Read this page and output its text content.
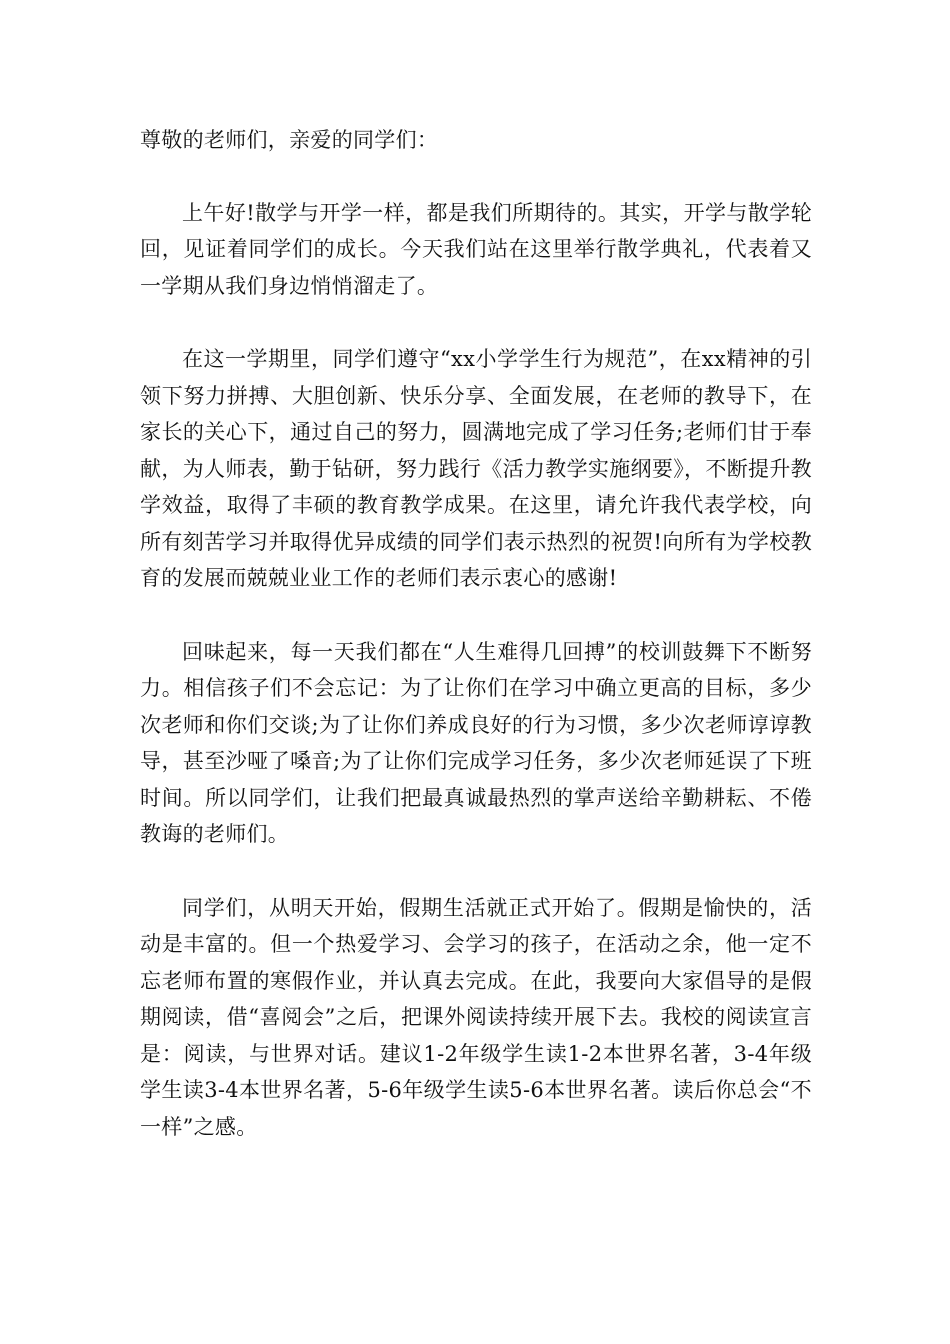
尊敬的老师们，亲爱的同学们：

上午好!散学与开学一样，都是我们所期待的。其实，开学与散学轮回，见证着同学们的成长。今天我们站在这里举行散学典礼，代表着又一学期从我们身边悄悄溜走了。

在这一学期里，同学们遵守“xx小学学生行为规范”，在xx精神的引领下努力拼搏、大胆创新、快乐分享、全面发展，在老师的教导下，在家长的关心下，通过自己的努力，圆满地完成了学习任务;老师们甘于奉献，为人师表，勤于钻研，努力践行《活力教学实施纲要》，不断提升教学效益，取得了丰硕的教育教学成果。在这里，请允许我代表学校，向所有刻苦学习并取得优异成绩的同学们表示热烈的祝贺!向所有为学校教育的发展而兢兢业业工作的老师们表示衷心的感谢!

回味起来，每一天我们都在“人生难得几回搏”的校训鼓舞下不断努力。相信孩子们不会忘记：为了让你们在学习中确立更高的目标，多少次老师和你们交谈;为了让你们养成良好的行为习惯，多少次老师谆谆教导，甚至沙哑了嗓音;为了让你们完成学习任务，多少次老师延误了下班时间。所以同学们，让我们把最真诚最热烈的掌声送给辛勤耕耘、不倦教诲的老师们。

同学们，从明天开始，假期生活就正式开始了。假期是愉快的，活动是丰富的。但一个热爱学习、会学习的孩子，在活动之余，他一定不忘老师布置的寒假作业，并认真去完成。在此，我要向大家倡导的是假期阅读，借“喜阅会”之后，把课外阅读持续开展下去。我校的阅读宣言是：阅读，与世界对话。建议1-2年级学生读1-2本世界名著，3-4年级学生读3-4本世界名著，5-6年级学生读5-6本世界名著。读后你总会“不一样”之感。
